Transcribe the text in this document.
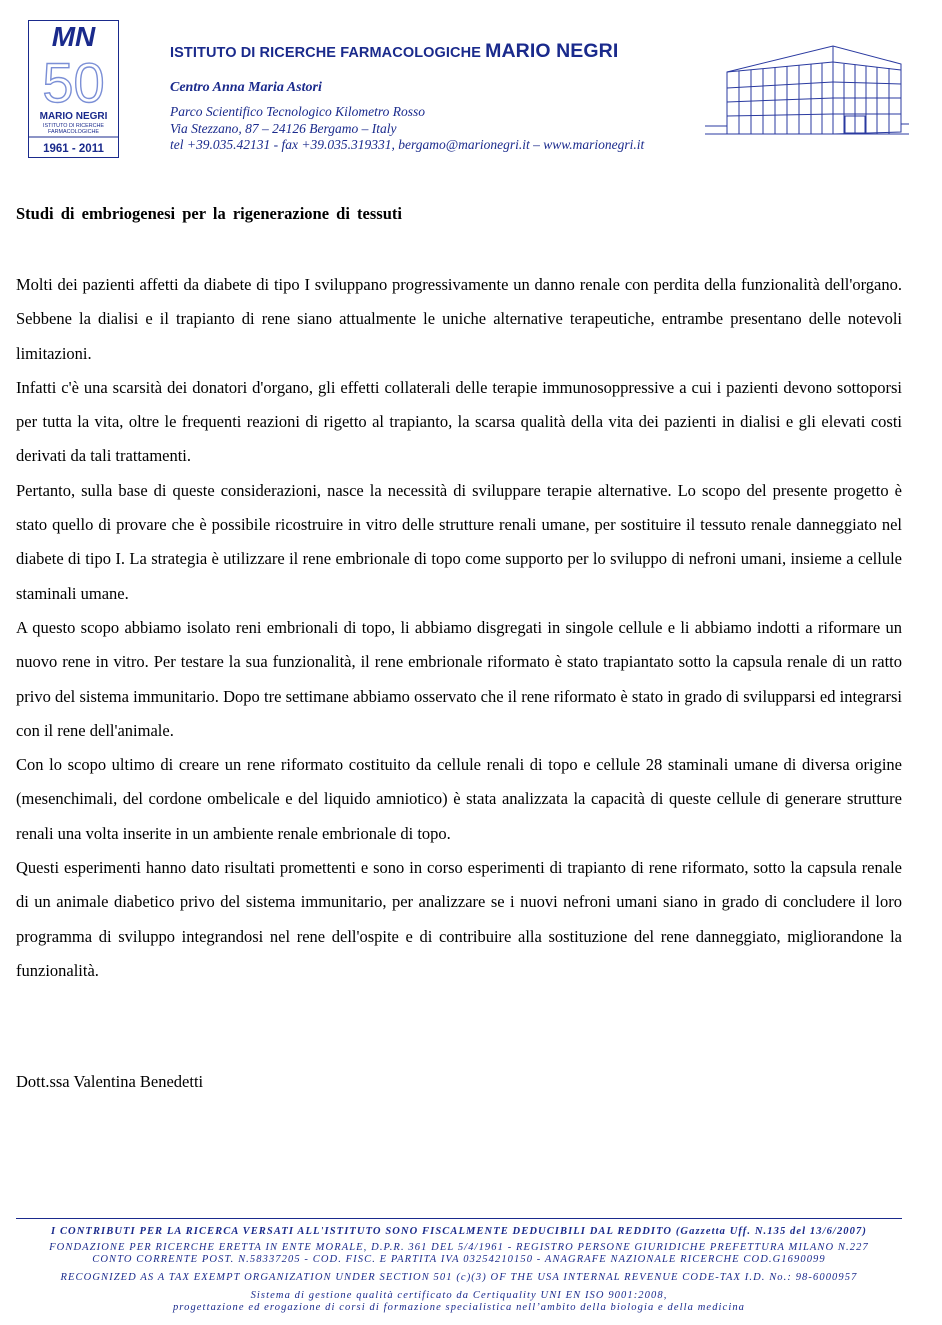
MN
50
MARIO NEGRI
ISTITUTO DI RICERCHE
FARMACOLOGICHE
1961 - 2011
ISTITUTO DI RICERCHE FARMACOLOGICHE MARIO NEGRI
Centro Anna Maria Astori
Parco Scientifico Tecnologico Kilometro Rosso
Via Stezzano, 87 – 24126 Bergamo – Italy
tel +39.035.42131 - fax +39.035.319331, bergamo@marionegri.it – www.marionegri.it
Studi di embriogenesi per la rigenerazione di tessuti

Molti dei pazienti affetti da diabete di tipo I sviluppano progressivamente un danno renale con perdita della funzionalità dell'organo. Sebbene la dialisi e il trapianto di rene siano attualmente le uniche alternative terapeutiche, entrambe presentano delle notevoli limitazioni.

Infatti c'è una scarsità dei donatori d'organo, gli effetti collaterali delle terapie immunosoppressive a cui i pazienti devono sottoporsi per tutta la vita, oltre le frequenti reazioni di rigetto al trapianto, la scarsa qualità della vita dei pazienti in dialisi e gli elevati costi derivati da tali trattamenti.

Pertanto, sulla base di queste considerazioni, nasce la necessità di sviluppare terapie alternative. Lo scopo del presente progetto è stato quello di provare che è possibile ricostruire in vitro delle strutture renali umane, per sostituire il tessuto renale danneggiato nel diabete di tipo I. La strategia è utilizzare il rene embrionale di topo come supporto per lo sviluppo di nefroni umani, insieme a cellule staminali umane.

A questo scopo abbiamo isolato reni embrionali di topo, li abbiamo disgregati in singole cellule e li abbiamo indotti a riformare un nuovo rene in vitro. Per testare la sua funzionalità, il rene embrionale riformato è stato trapiantato sotto la capsula renale di un ratto privo del sistema immunitario. Dopo tre settimane abbiamo osservato che il rene riformato è stato in grado di svilupparsi ed integrarsi con il rene dell'animale.

Con lo scopo ultimo di creare un rene riformato costituito da cellule renali di topo e cellule 28 staminali umane di diversa origine (mesenchimali, del cordone ombelicale e del liquido amniotico) è stata analizzata la capacità di queste cellule di generare strutture renali una volta inserite in un ambiente renale embrionale di topo.

Questi esperimenti hanno dato risultati promettenti e sono in corso esperimenti di trapianto di rene riformato, sotto la capsula renale di un animale diabetico privo del sistema immunitario, per analizzare se i nuovi nefroni umani siano in grado di concludere il loro programma di sviluppo integrandosi nel rene dell'ospite e di contribuire alla sostituzione del rene danneggiato, migliorandone la funzionalità.

Dott.ssa Valentina Benedetti
I CONTRIBUTI PER LA RICERCA VERSATI ALL'ISTITUTO SONO FISCALMENTE DEDUCIBILI DAL REDDITO (Gazzetta Uff. N.135 del 13/6/2007)
FONDAZIONE PER RICERCHE ERETTA IN ENTE MORALE, D.P.R. 361 DEL 5/4/1961 - REGISTRO PERSONE GIURIDICHE PREFETTURA MILANO N.227
CONTO CORRENTE POST. N.58337205 - COD. FISC. E PARTITA IVA 03254210150 - ANAGRAFE NAZIONALE RICERCHE COD.G1690099
RECOGNIZED AS A TAX EXEMPT ORGANIZATION UNDER SECTION 501 (c)(3) OF THE USA INTERNAL REVENUE CODE-TAX I.D. No.: 98-6000957
Sistema di gestione qualità certificato da Certiquality UNI EN ISO 9001:2008,
progettazione ed erogazione di corsi di formazione specialistica nell’ambito della biologia e della medicina
